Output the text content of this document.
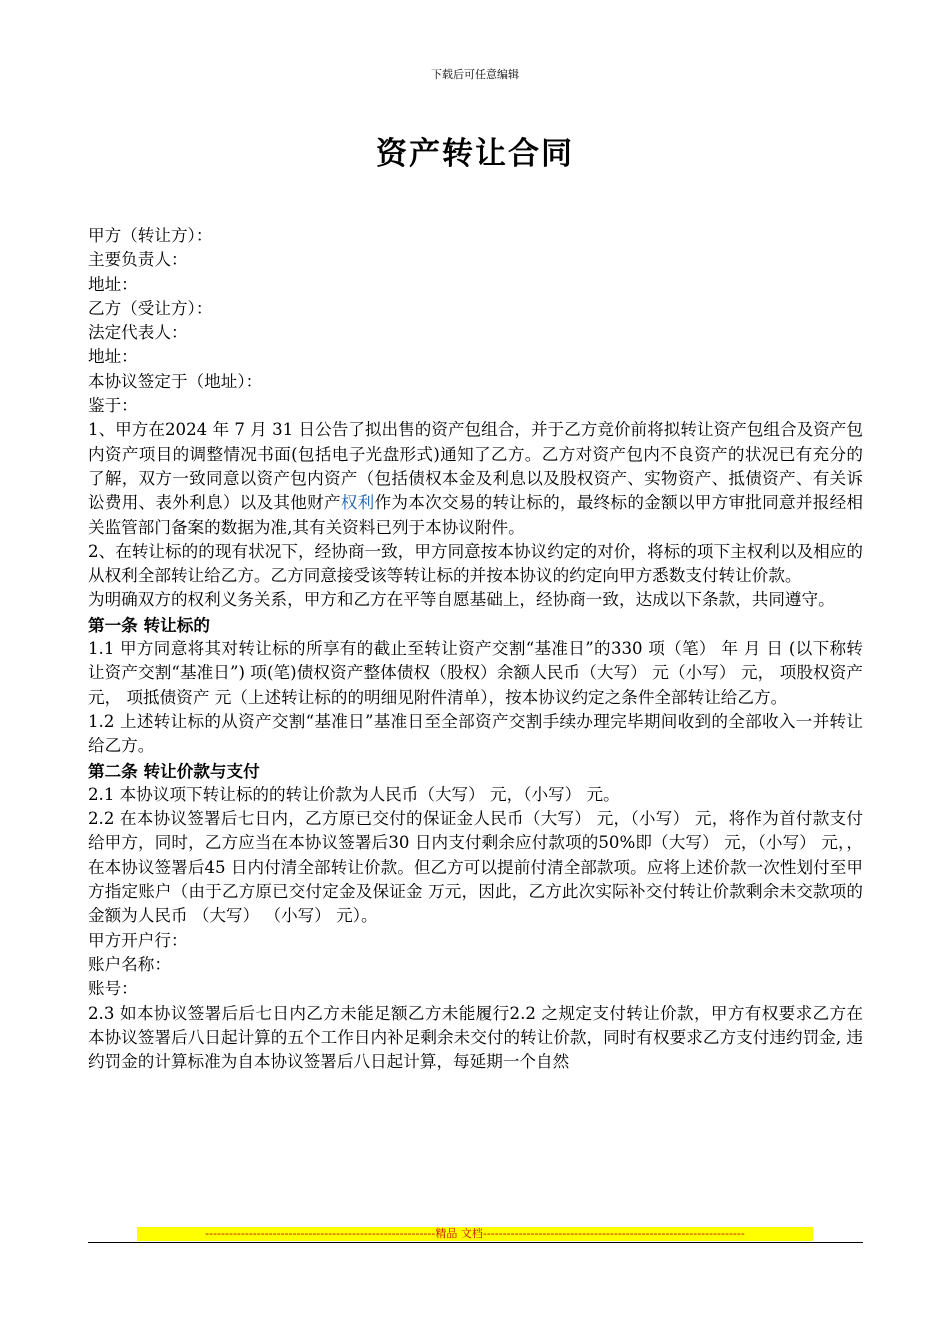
下载后可任意编辑
资产转让合同

甲方（转让方）：

主要负责人：

地址：

乙方（受让方）：

法定代表人：

地址：

本协议签定于（地址）：

鉴于：

1、甲方在2024 年 7 月 31 日公告了拟出售的资产包组合，并于乙方竞价前将拟转让资产包组合及资产包内资产项目的调整情况书面(包括电子光盘形式)通知了乙方。乙方对资产包内不良资产的状况已有充分的了解，双方一致同意以资产包内资产（包括债权本金及利息以及股权资产、实物资产、抵债资产、有关诉讼费用、表外利息）以及其他财产权利作为本次交易的转让标的，最终标的金额以甲方审批同意并报经相关监管部门备案的数据为准,其有关资料已列于本协议附件。

2、在转让标的的现有状况下，经协商一致，甲方同意按本协议约定的对价，将标的项下主权利以及相应的从权利全部转让给乙方。乙方同意接受该等转让标的并按本协议的约定向甲方悉数支付转让价款。

为明确双方的权利义务关系，甲方和乙方在平等自愿基础上，经协商一致，达成以下条款，共同遵守。

第一条 转让标的

1.1 甲方同意将其对转让标的所享有的截止至转让资产交割“基准日”的330 项（笔） 年 月 日 (以下称转让资产交割“基准日”) 项(笔)债权资产整体债权（股权）余额人民币（大写） 元（小写） 元， 项股权资产 元， 项抵债资产 元（上述转让标的的明细见附件清单），按本协议约定之条件全部转让给乙方。

1.2 上述转让标的从资产交割“基准日”基准日至全部资产交割手续办理完毕期间收到的全部收入一并转让给乙方。

第二条 转让价款与支付

2.1 本协议项下转让标的的转让价款为人民币（大写） 元，（小写） 元。

2.2 在本协议签署后七日内，乙方原已交付的保证金人民币（大写） 元，（小写） 元，将作为首付款支付给甲方，同时，乙方应当在本协议签署后30 日内支付剩余应付款项的50%即（大写） 元，（小写） 元，，在本协议签署后45 日内付清全部转让价款。但乙方可以提前付清全部款项。应将上述价款一次性划付至甲方指定账户（由于乙方原已交付定金及保证金 万元，因此，乙方此次实际补交付转让价款剩余未交款项的金额为人民币 （大写） （小写） 元）。

甲方开户行：

账户名称：

账号：

2.3 如本协议签署后后七日内乙方未能足额乙方未能履行2.2 之规定支付转让价款，甲方有权要求乙方在本协议签署后八日起计算的五个工作日内补足剩余未交付的转让价款，同时有权要求乙方支付违约罚金, 违约罚金的计算标准为自本协议签署后八日起计算，每延期一个自然

----------------------------------------------------------精品 文档------------------------------------------------------------------
